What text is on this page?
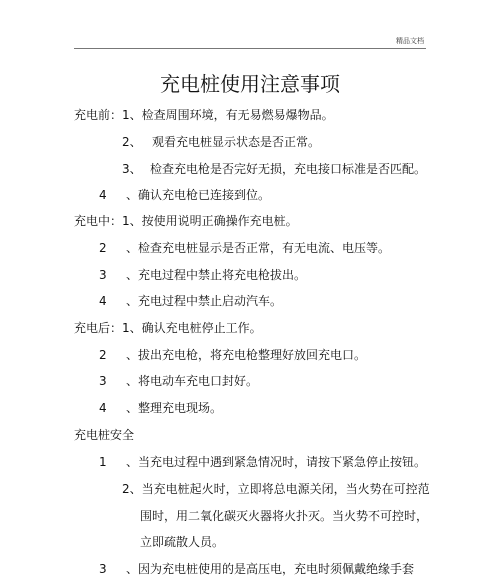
精品文档
充电桩使用注意事项
充电前：1、检查周围环境，有无易燃易爆物品。
2、 观看充电桩显示状态是否正常。
3、 检查充电枪是否完好无损，充电接口标准是否匹配。
4 、确认充电枪已连接到位。
充电中：1、按使用说明正确操作充电桩。
2 、检查充电桩显示是否正常，有无电流、电压等。
3 、充电过程中禁止将充电枪拔出。
4 、充电过程中禁止启动汽车。
充电后：1、确认充电桩停止工作。
2 、拔出充电枪，将充电枪整理好放回充电口。
3 、将电动车充电口封好。
4 、整理充电现场。
充电桩安全
1 、当充电过程中遇到紧急情况时，请按下紧急停止按钮。
2、当充电桩起火时，立即将总电源关闭，当火势在可控范
围时，用二氧化碳灭火器将火扑灭。当火势不可控时，
立即疏散人员。
3 、因为充电桩使用的是高压电，充电时须佩戴绝缘手套
